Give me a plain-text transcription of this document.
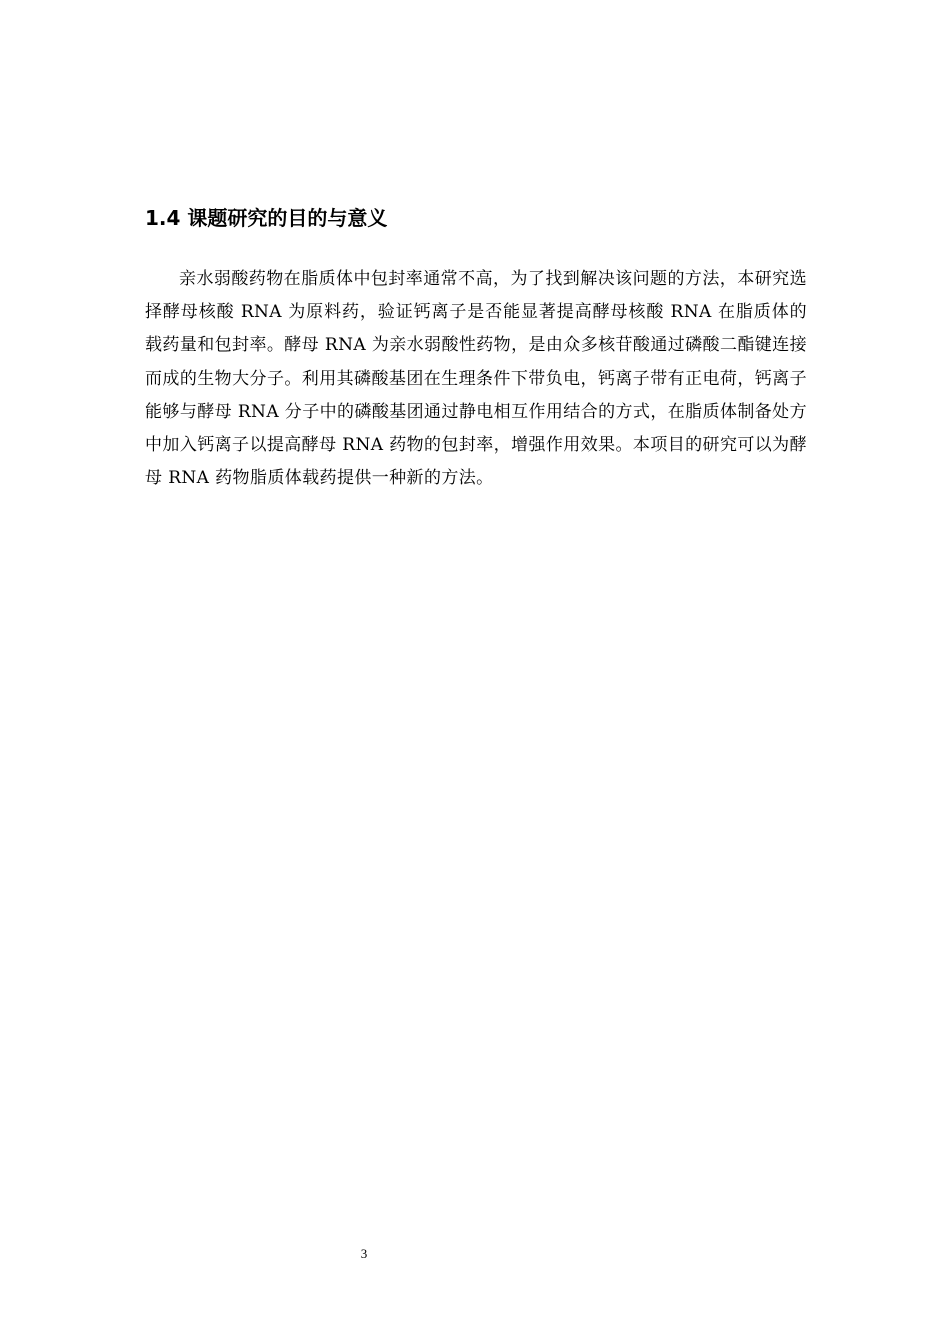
1.4 课题研究的目的与意义

亲水弱酸药物在脂质体中包封率通常不高，为了找到解决该问题的方法，本研究选择酵母核酸 RNA 为原料药，验证钙离子是否能显著提高酵母核酸 RNA 在脂质体的载药量和包封率。酵母 RNA 为亲水弱酸性药物，是由众多核苷酸通过磷酸二酯键连接而成的生物大分子。利用其磷酸基团在生理条件下带负电，钙离子带有正电荷，钙离子能够与酵母 RNA 分子中的磷酸基团通过静电相互作用结合的方式，在脂质体制备处方中加入钙离子以提高酵母 RNA 药物的包封率，增强作用效果。本项目的研究可以为酵母 RNA 药物脂质体载药提供一种新的方法。

3
